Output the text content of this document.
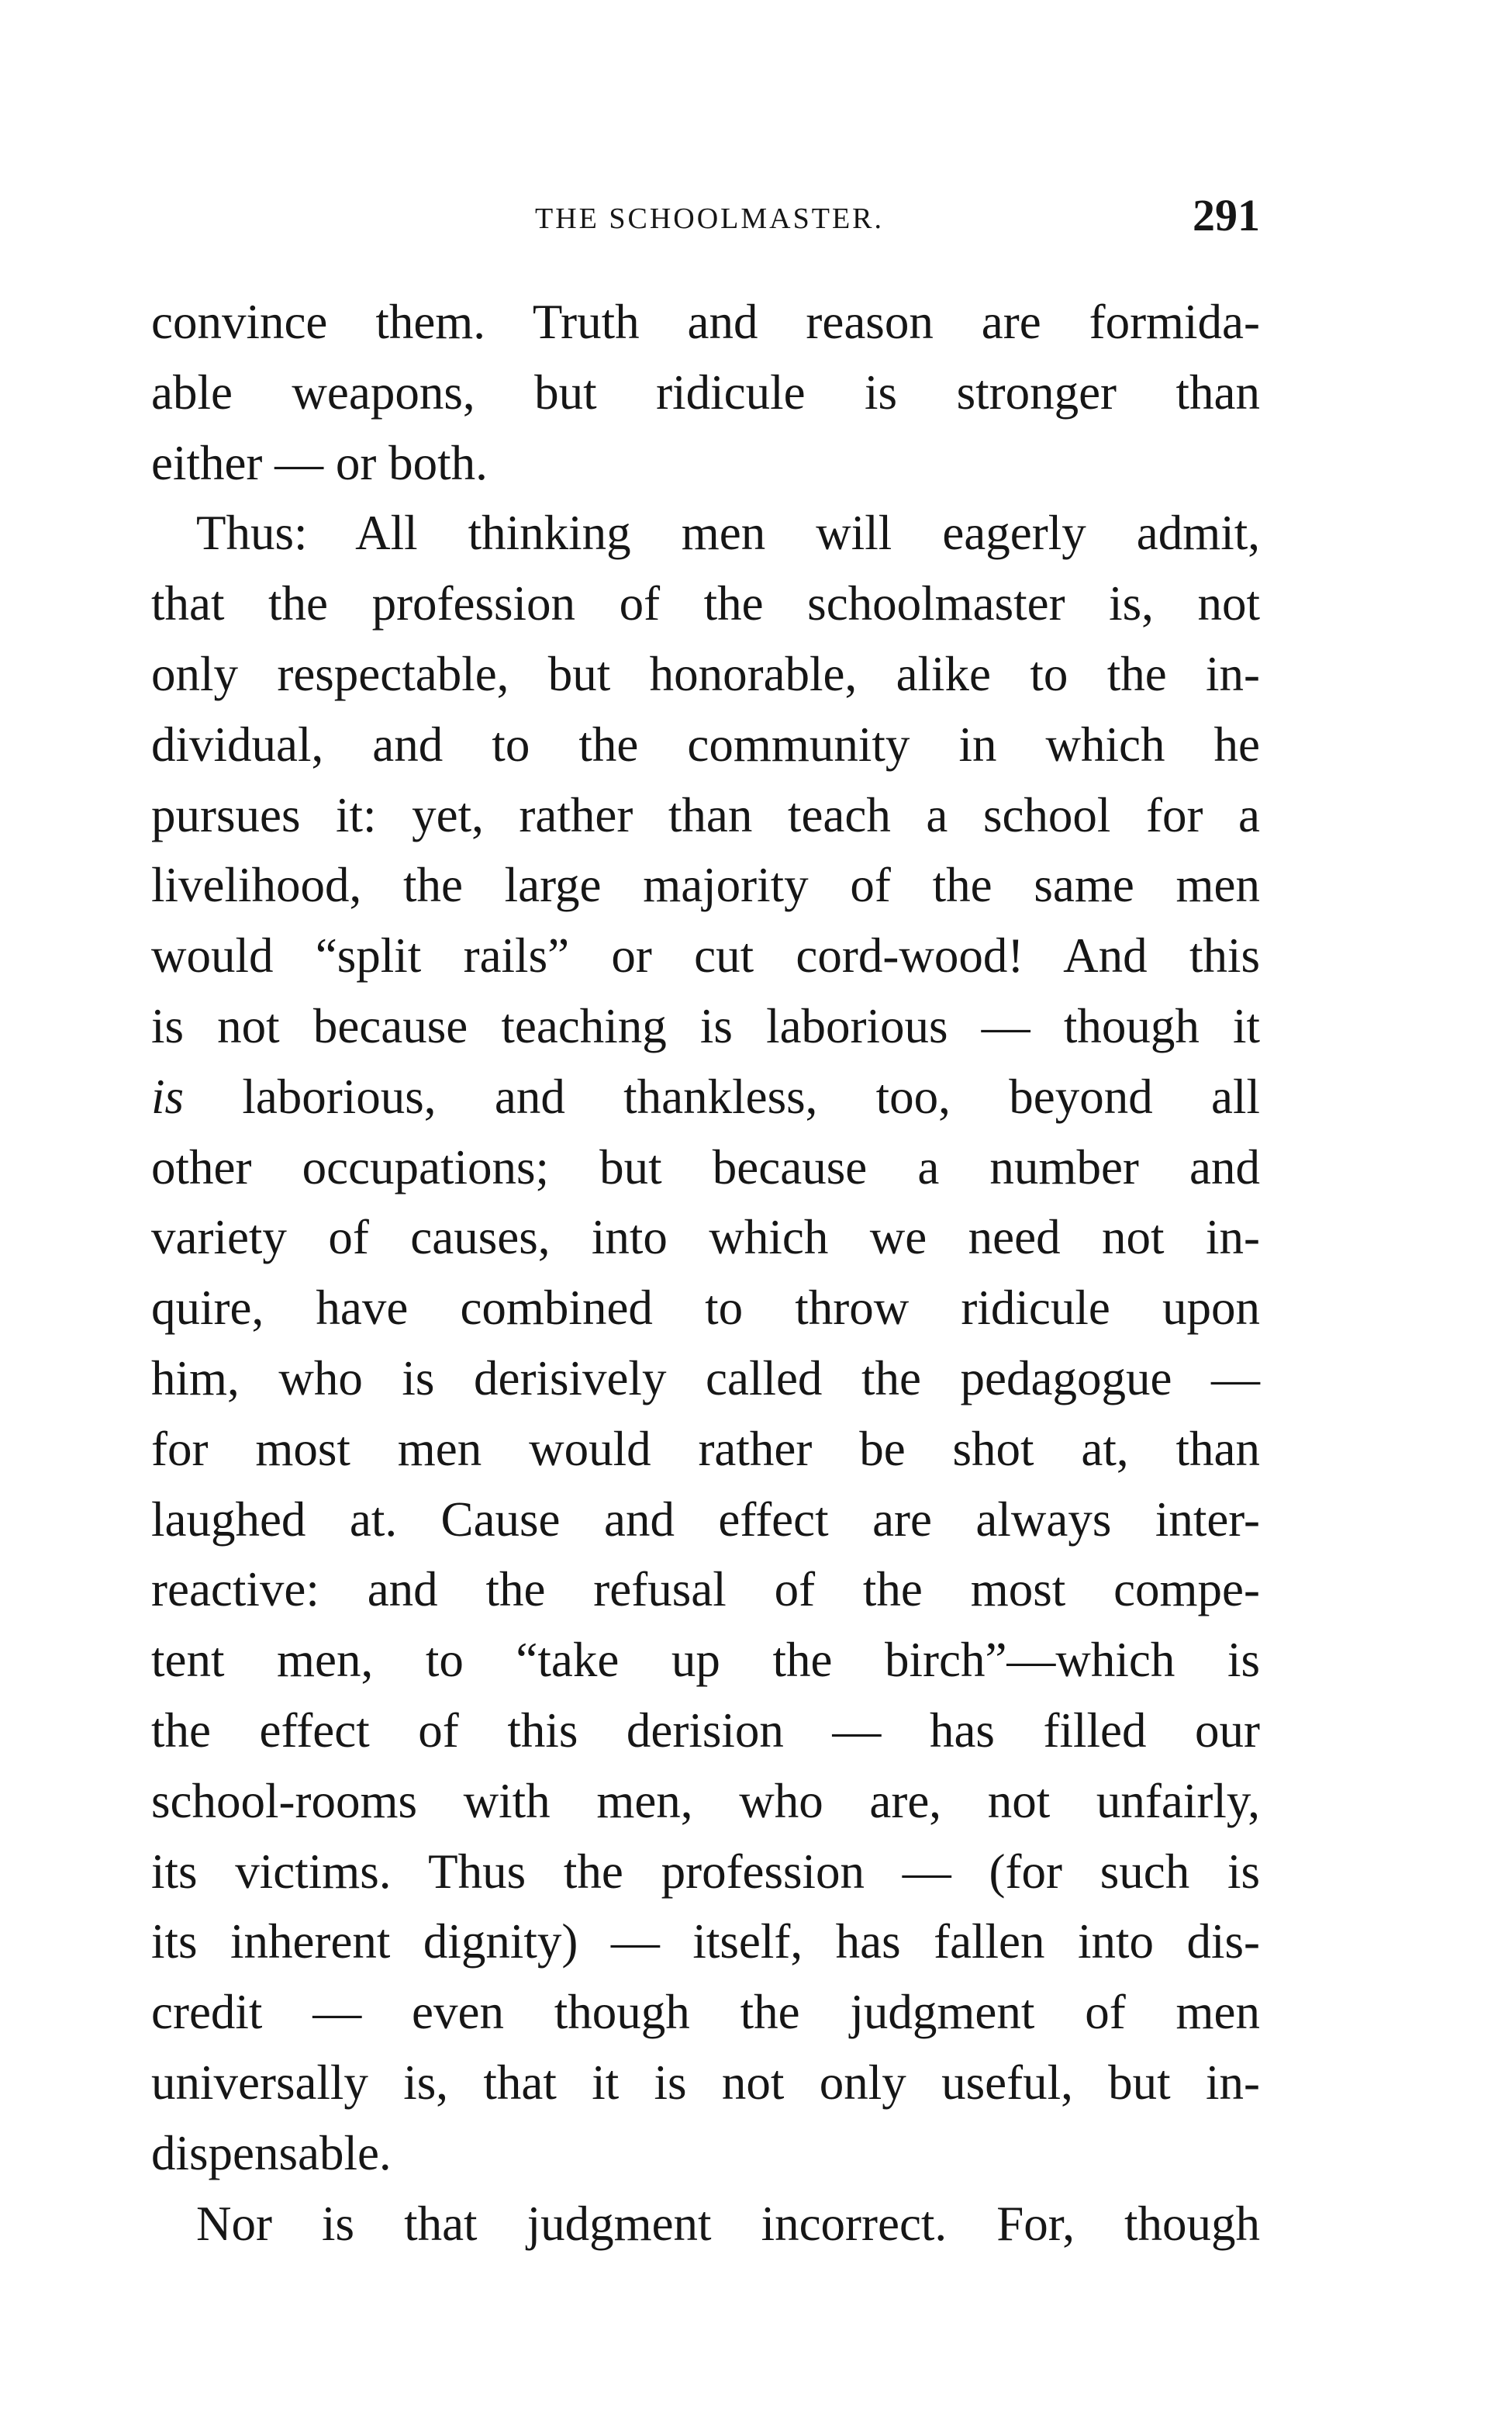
THE SCHOOLMASTER.	291
convince them. Truth and reason are formida-
able weapons, but ridicule is stronger than
either — or both.
Thus: All thinking men will eagerly admit,
that the profession of the schoolmaster is, not
only respectable, but honorable, alike to the in-
dividual, and to the community in which he
pursues it: yet, rather than teach a school for a
livelihood, the large majority of the same men
would “split rails” or cut cord-wood! And this
is not because teaching is laborious — though it
is laborious, and thankless, too, beyond all
other occupations; but because a number and
variety of causes, into which we need not in-
quire, have combined to throw ridicule upon
him, who is derisively called the pedagogue —
for most men would rather be shot at, than
laughed at. Cause and effect are always inter-
reactive: and the refusal of the most compe-
tent men, to “take up the birch”—which is
the effect of this derision — has filled our
school-rooms with men, who are, not unfairly,
its victims. Thus the profession — (for such is
its inherent dignity) — itself, has fallen into dis-
credit — even though the judgment of men
universally is, that it is not only useful, but in-
dispensable.
Nor is that judgment incorrect. For, though
